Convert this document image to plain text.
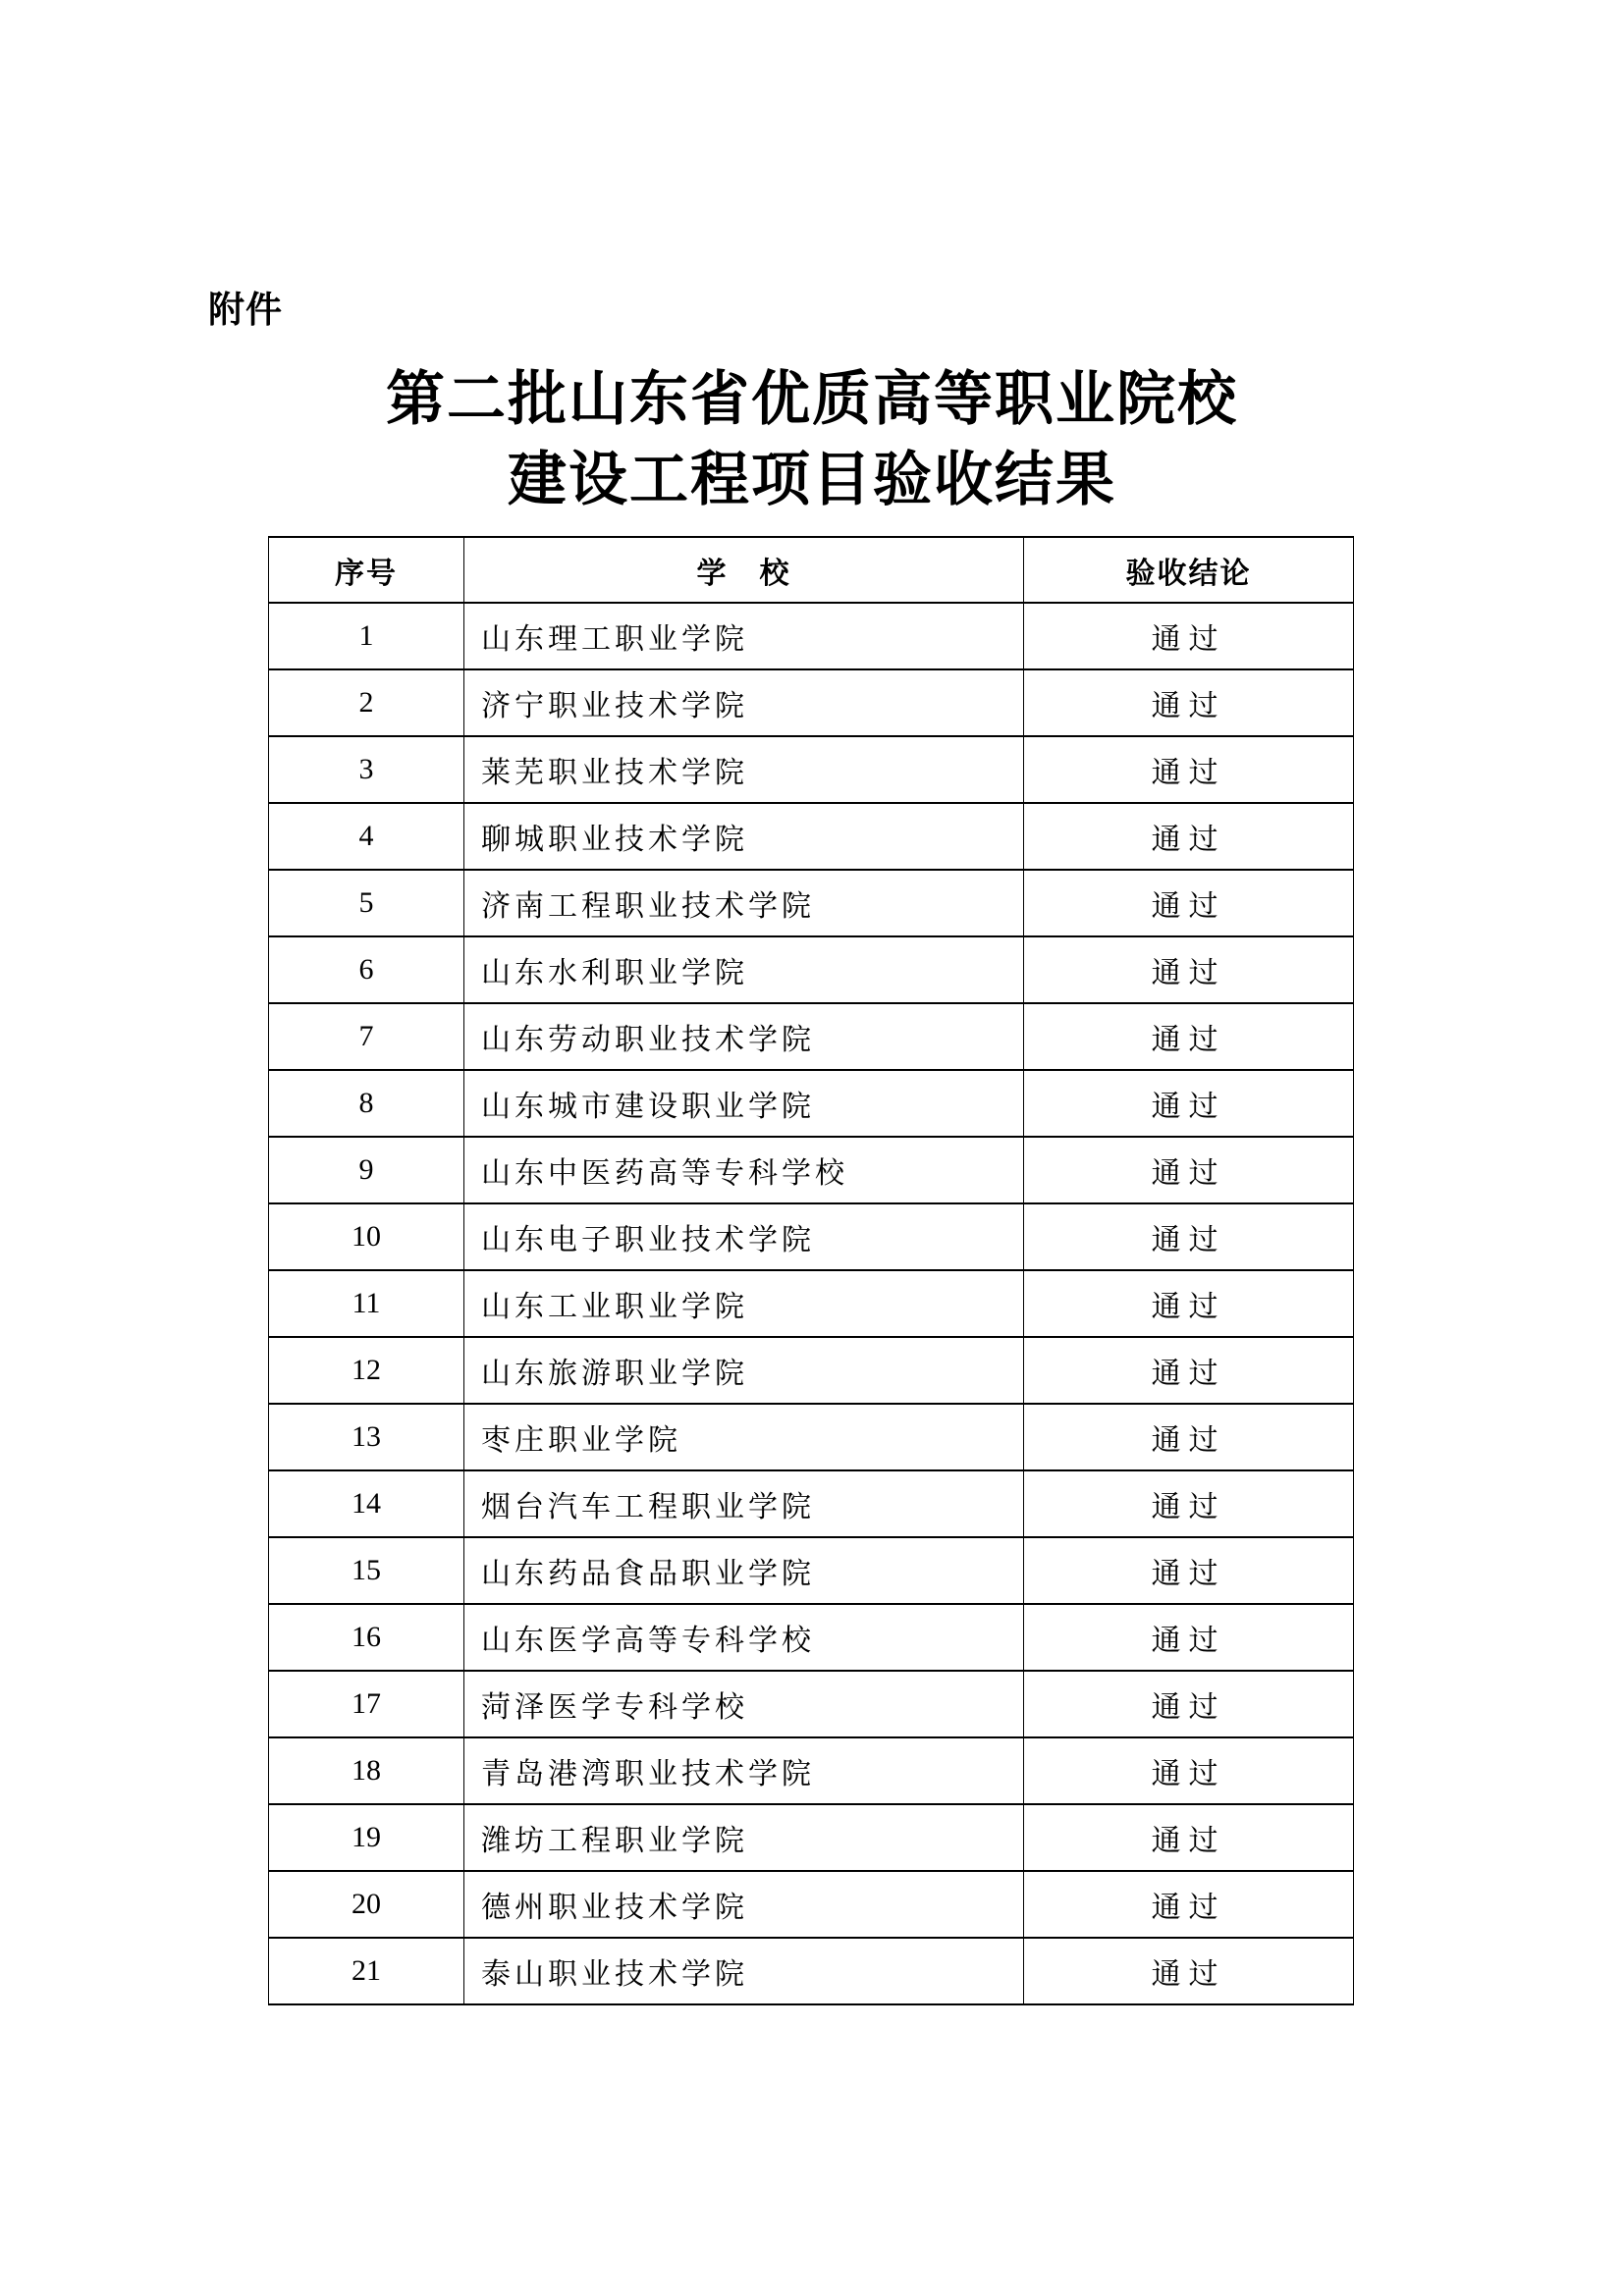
附件
第二批山东省优质高等职业院校
建设工程项目验收结果
序号	学　校	验收结论
1	山东理工职业学院	通过
2	济宁职业技术学院	通过
3	莱芜职业技术学院	通过
4	聊城职业技术学院	通过
5	济南工程职业技术学院	通过
6	山东水利职业学院	通过
7	山东劳动职业技术学院	通过
8	山东城市建设职业学院	通过
9	山东中医药高等专科学校	通过
10	山东电子职业技术学院	通过
11	山东工业职业学院	通过
12	山东旅游职业学院	通过
13	枣庄职业学院	通过
14	烟台汽车工程职业学院	通过
15	山东药品食品职业学院	通过
16	山东医学高等专科学校	通过
17	菏泽医学专科学校	通过
18	青岛港湾职业技术学院	通过
19	潍坊工程职业学院	通过
20	德州职业技术学院	通过
21	泰山职业技术学院	通过
